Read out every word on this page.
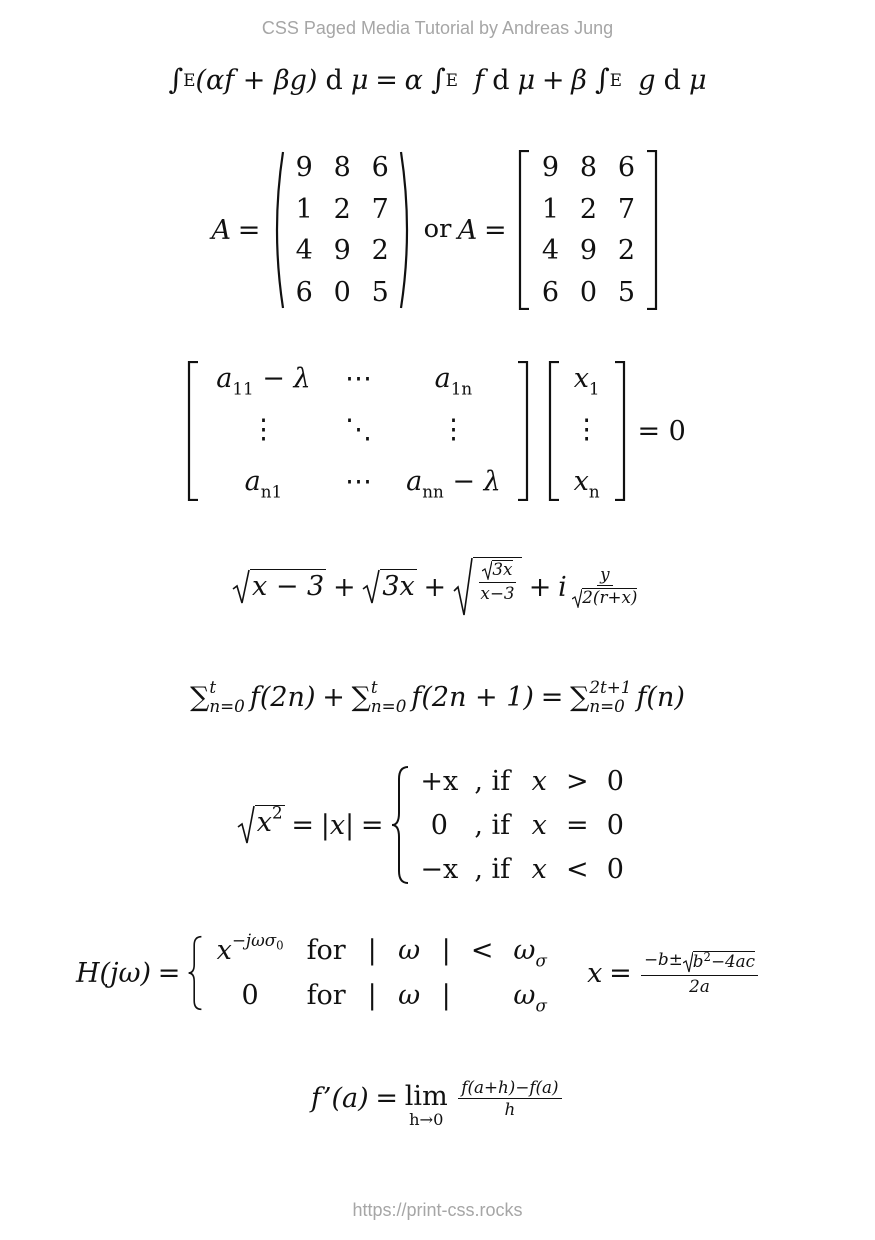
CSS Paged Media Tutorial by Andreas Jung
∫ E (αf + βg) d μ = α ∫ E f d μ + β ∫ E g d μ
A =
9 8 6
1 2 7
4 9 2
6 0 5
or A =
9 8 6
1 2 7
4 9 2
6 0 5
$a_{11} - \lambda$	⋯	$a_{1n}$
⋮	⋱	⋮
$a_{n1}$	⋯	$a_{nn} - \lambda$
$x_1$
⋮
$x_n$
= 0
$x - 3 + 3x + \frac{3x}{x-3} + i \frac{y}{2(r+x)}$
∑ t
n=0 f(2n) + ∑ t
n=0 f(2n + 1) = ∑ 2t+1
n=0 f(n)
$x^2 = |x|$ =
+x , if x > 0
0 , if x = 0
−x , if x < 0
H(jω) =
$x^{-j\omega\sigma_0}$ for | ω | < $\omega_\sigma$
0	for | ω |	$\omega_\sigma$
$x = \frac{-b\pm b^2-4ac}{2a}$
f’(a) = lim
h→0
$\frac{f(a+h)-f(a)}{h}$
https://print-css.rocks
